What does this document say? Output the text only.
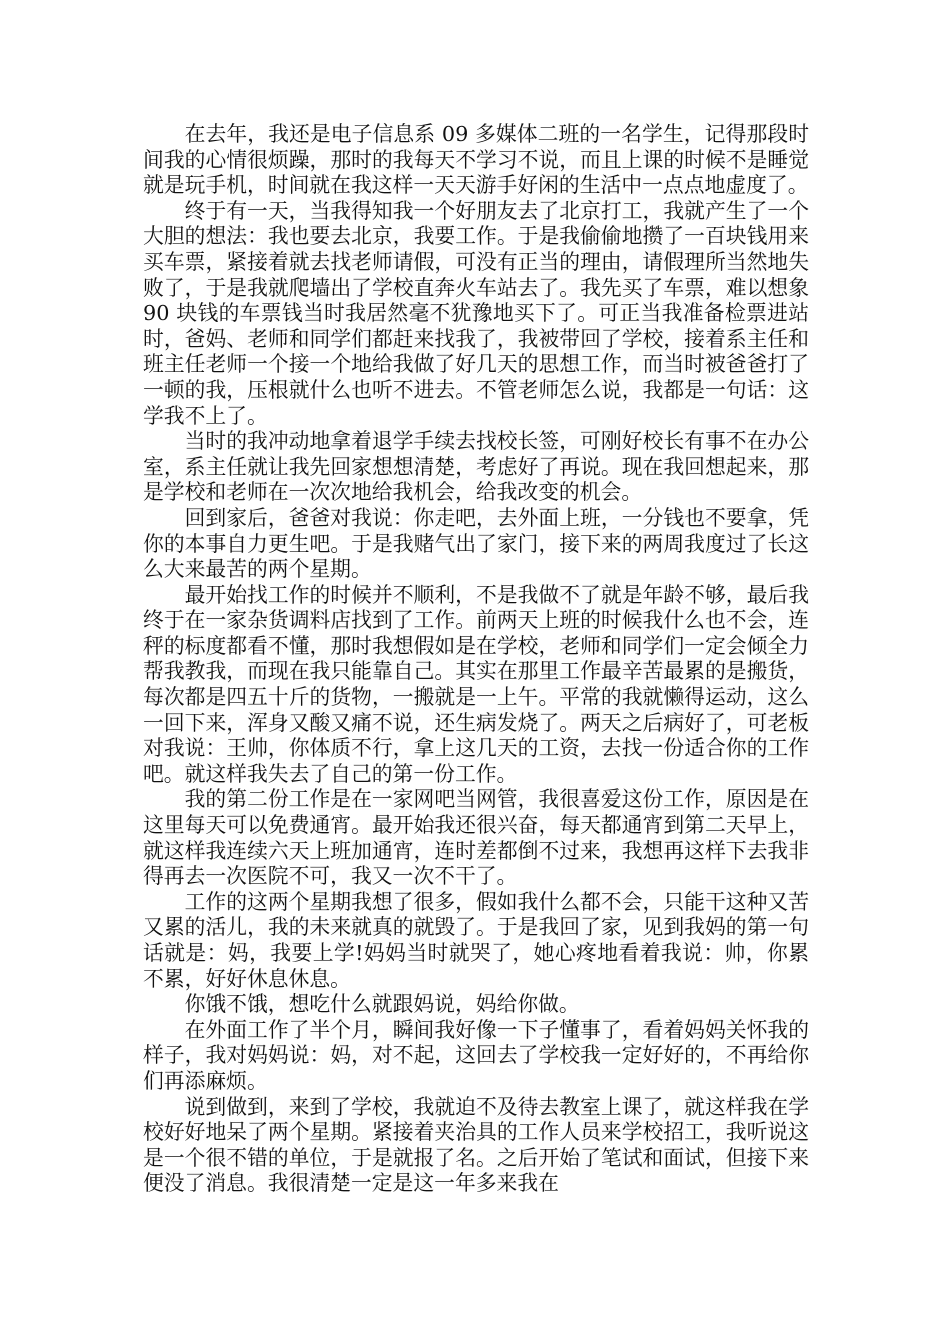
在去年，我还是电子信息系 09 多媒体二班的一名学生，记得那段时间我的心情很烦躁，那时的我每天不学习不说，而且上课的时候不是睡觉就是玩手机，时间就在我这样一天天游手好闲的生活中一点点地虚度了。

终于有一天，当我得知我一个好朋友去了北京打工，我就产生了一个大胆的想法：我也要去北京，我要工作。于是我偷偷地攒了一百块钱用来买车票，紧接着就去找老师请假，可没有正当的理由，请假理所当然地失败了，于是我就爬墙出了学校直奔火车站去了。我先买了车票，难以想象 90 块钱的车票钱当时我居然毫不犹豫地买下了。可正当我准备检票进站时，爸妈、老师和同学们都赶来找我了，我被带回了学校，接着系主任和班主任老师一个接一个地给我做了好几天的思想工作，而当时被爸爸打了一顿的我，压根就什么也听不进去。不管老师怎么说，我都是一句话：这学我不上了。

当时的我冲动地拿着退学手续去找校长签，可刚好校长有事不在办公室，系主任就让我先回家想想清楚，考虑好了再说。现在我回想起来，那是学校和老师在一次次地给我机会，给我改变的机会。

回到家后，爸爸对我说：你走吧，去外面上班，一分钱也不要拿，凭你的本事自力更生吧。于是我赌气出了家门，接下来的两周我度过了长这么大来最苦的两个星期。

最开始找工作的时候并不顺利，不是我做不了就是年龄不够，最后我终于在一家杂货调料店找到了工作。前两天上班的时候我什么也不会，连秤的标度都看不懂，那时我想假如是在学校，老师和同学们一定会倾全力帮我教我，而现在我只能靠自己。其实在那里工作最辛苦最累的是搬货，每次都是四五十斤的货物，一搬就是一上午。平常的我就懒得运动，这么一回下来，浑身又酸又痛不说，还生病发烧了。两天之后病好了，可老板对我说：王帅，你体质不行，拿上这几天的工资，去找一份适合你的工作吧。就这样我失去了自己的第一份工作。

我的第二份工作是在一家网吧当网管，我很喜爱这份工作，原因是在这里每天可以免费通宵。最开始我还很兴奋，每天都通宵到第二天早上，就这样我连续六天上班加通宵，连时差都倒不过来，我想再这样下去我非得再去一次医院不可，我又一次不干了。

工作的这两个星期我想了很多，假如我什么都不会，只能干这种又苦又累的活儿，我的未来就真的就毁了。于是我回了家，见到我妈的第一句话就是：妈，我要上学!妈妈当时就哭了，她心疼地看着我说：帅，你累不累，好好休息休息。

你饿不饿，想吃什么就跟妈说，妈给你做。

在外面工作了半个月，瞬间我好像一下子懂事了，看着妈妈关怀我的样子，我对妈妈说：妈，对不起，这回去了学校我一定好好的，不再给你们再添麻烦。

说到做到，来到了学校，我就迫不及待去教室上课了，就这样我在学校好好地呆了两个星期。紧接着夹治具的工作人员来学校招工，我听说这是一个很不错的单位，于是就报了名。之后开始了笔试和面试，但接下来便没了消息。我很清楚一定是这一年多来我在
